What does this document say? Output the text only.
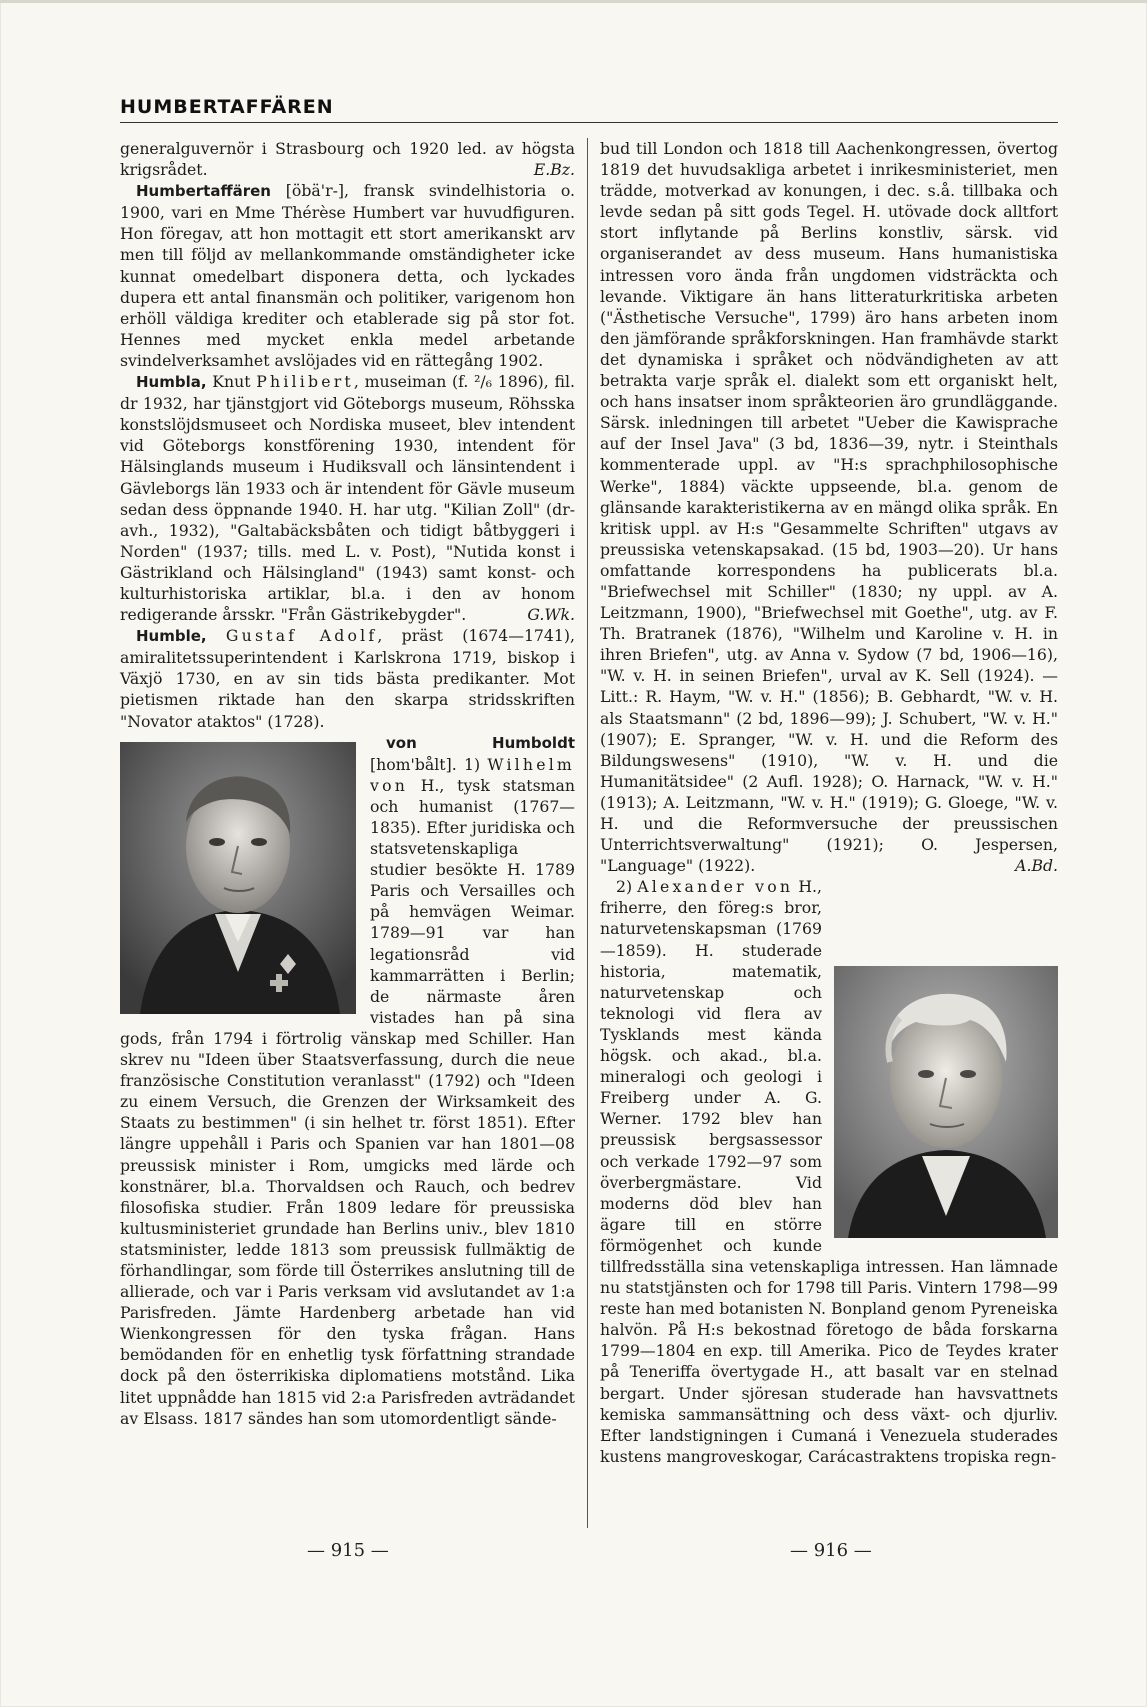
HUMBERTAFFÄREN

generalguvernör i Strasbourg och 1920 led. av högsta krigsrådet.	E.Bz.

Humbertaffären [öbä'r-], fransk svindelhistoria o. 1900, vari en Mme Thérèse Humbert var huvudfiguren. Hon föregav, att hon mottagit ett stort amerikanskt arv men till följd av mellankommande omständigheter icke kunnat omedelbart disponera detta, och lyckades dupera ett antal finansmän och politiker, varigenom hon erhöll väldiga krediter och etablerade sig på stor fot. Hennes med mycket enkla medel arbetande svindelverksamhet avslöjades vid en rättegång 1902.

Humbla, Knut Philibert, museiman (f. ²/₆ 1896), fil. dr 1932, har tjänstgjort vid Göteborgs museum, Röhsska konstslöjdsmuseet och Nordiska museet, blev intendent vid Göteborgs konstförening 1930, intendent för Hälsinglands museum i Hudiksvall och länsintendent i Gävleborgs län 1933 och är intendent för Gävle museum sedan dess öppnande 1940. H. har utg. "Kilian Zoll" (dr-avh., 1932), "Galtabäcksbåten och tidigt båtbyggeri i Norden" (1937; tills. med L. v. Post), "Nutida konst i Gästrikland och Hälsingland" (1943) samt konst- och kulturhistoriska artiklar, bl.a. i den av honom redigerande årsskr. "Från Gästrikebygder".	G.Wk.

Humble, Gustaf Adolf, präst (1674—1741), amiralitetssuperintendent i Karlskrona 1719, biskop i Växjö 1730, en av sin tids bästa predikanter. Mot pietismen riktade han den skarpa stridsskriften "Novator ataktos" (1728).

von Humboldt [hom'bålt]. 1) Wilhelm von H., tysk statsman och humanist (1767—1835). Efter juridiska och statsvetenskapliga studier besökte H. 1789 Paris och Versailles och på hemvägen Weimar. 1789—91 var han legationsråd vid kammarrätten i Berlin; de närmaste åren vistades han på sina gods, från 1794 i förtrolig vänskap med Schiller. Han skrev nu "Ideen über Staatsverfassung, durch die neue französische Constitution veranlasst" (1792) och "Ideen zu einem Versuch, die Grenzen der Wirksamkeit des Staats zu bestimmen" (i sin helhet tr. först 1851). Efter längre uppehåll i Paris och Spanien var han 1801—08 preussisk minister i Rom, umgicks med lärde och konstnärer, bl.a. Thorvaldsen och Rauch, och bedrev filosofiska studier. Från 1809 ledare för preussiska kultusministeriet grundade han Berlins univ., blev 1810 statsminister, ledde 1813 som preussisk fullmäktig de förhandlingar, som förde till Österrikes anslutning till de allierade, och var i Paris verksam vid avslutandet av 1:a Parisfreden. Jämte Hardenberg arbetade han vid Wienkongressen för den tyska frågan. Hans bemödanden för en enhetlig tysk författning strandade dock på den österrikiska diplomatiens motstånd. Lika litet uppnådde han 1815 vid 2:a Parisfreden avträdandet av Elsass. 1817 sändes han som utomordentligt sände-

bud till London och 1818 till Aachenkongressen, övertog 1819 det huvudsakliga arbetet i inrikesministeriet, men trädde, motverkad av konungen, i dec. s.å. tillbaka och levde sedan på sitt gods Tegel. H. utövade dock alltfort stort inflytande på Berlins konstliv, särsk. vid organiserandet av dess museum. Hans humanistiska intressen voro ända från ungdomen vidsträckta och levande. Viktigare än hans litteraturkritiska arbeten ("Ästhetische Versuche", 1799) äro hans arbeten inom den jämförande språkforskningen. Han framhävde starkt det dynamiska i språket och nödvändigheten av att betrakta varje språk el. dialekt som ett organiskt helt, och hans insatser inom språkteorien äro grundläggande. Särsk. inledningen till arbetet "Ueber die Kawisprache auf der Insel Java" (3 bd, 1836—39, nytr. i Steinthals kommenterade uppl. av "H:s sprachphilosophische Werke", 1884) väckte uppseende, bl.a. genom de glänsande karakteristikerna av en mängd olika språk. En kritisk uppl. av H:s "Gesammelte Schriften" utgavs av preussiska vetenskapsakad. (15 bd, 1903—20). Ur hans omfattande korrespondens ha publicerats bl.a. "Briefwechsel mit Schiller" (1830; ny uppl. av A. Leitzmann, 1900), "Briefwechsel mit Goethe", utg. av F. Th. Bratranek (1876), "Wilhelm und Karoline v. H. in ihren Briefen", utg. av Anna v. Sydow (7 bd, 1906—16), "W. v. H. in seinen Briefen", urval av K. Sell (1924). — Litt.: R. Haym, "W. v. H." (1856); B. Gebhardt, "W. v. H. als Staatsmann" (2 bd, 1896—99); J. Schubert, "W. v. H." (1907); E. Spranger, "W. v. H. und die Reform des Bildungswesens" (1910), "W. v. H. und die Humanitätsidee" (2 Aufl. 1928); O. Harnack, "W. v. H." (1913); A. Leitzmann, "W. v. H." (1919); G. Gloege, "W. v. H. und die Reformversuche der preussischen Unterrichtsverwaltung" (1921); O. Jespersen, "Language" (1922).	A.Bd.

2) Alexander von H., friherre, den föreg:s bror, naturvetenskapsman (1769—1859). H. studerade historia, matematik, naturvetenskap och teknologi vid flera av Tysklands mest kända högsk. och akad., bl.a. mineralogi och geologi i Freiberg under A. G. Werner. 1792 blev han preussisk bergsassessor och verkade 1792—97 som överbergmästare. Vid moderns död blev han ägare till en större förmögenhet och kunde tillfredsställa sina vetenskapliga intressen. Han lämnade nu statstjänsten och for 1798 till Paris. Vintern 1798—99 reste han med botanisten N. Bonpland genom Pyreneiska halvön. På H:s bekostnad företogo de båda forskarna 1799—1804 en exp. till Amerika. Pico de Teydes krater på Teneriffa övertygade H., att basalt var en stelnad bergart. Under sjöresan studerade han havsvattnets kemiska sammansättning och dess växt- och djurliv. Efter landstigningen i Cumaná i Venezuela studerades kustens mangroveskogar, Carácastraktens tropiska regn-

— 915 —	— 916 —
